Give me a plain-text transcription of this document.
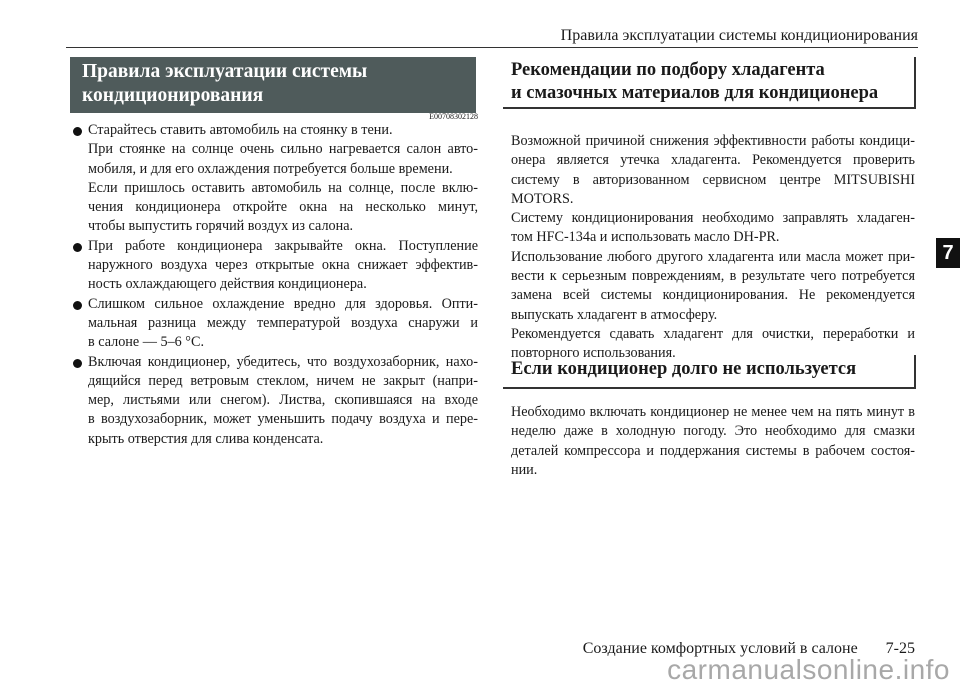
Правила эксплуатации системы кондиционирования
Правила эксплуатации системы
кондиционирования
E00708302128
Старайтесь ставить автомобиль на стоянку в тени.
При стоянке на солнце очень сильно нагревается салон авто-
мобиля, и для его охлаждения потребуется больше времени.
Если пришлось оставить автомобиль на солнце, после вклю-
чения кондиционера откройте окна на несколько минут,
чтобы выпустить горячий воздух из салона.
При работе кондиционера закрывайте окна. Поступление
наружного воздуха через открытые окна снижает эффектив-
ность охлаждающего действия кондиционера.
Слишком сильное охлаждение вредно для здоровья. Опти-
мальная разница между температурой воздуха снаружи и
в салоне — 5–6 °C.
Включая кондиционер, убедитесь, что воздухозаборник, нахо-
дящийся перед ветровым стеклом, ничем не закрыт (напри-
мер, листьями или снегом). Листва, скопившаяся на входе
в воздухозаборник, может уменьшить подачу воздуха и пере-
крыть отверстия для слива конденсата.
Рекомендации по подбору хладагента
и смазочных материалов для кондиционера
Возможной причиной снижения эффективности работы кондици-
онера является утечка хладагента. Рекомендуется проверить
систему в авторизованном сервисном центре MITSUBISHI
MOTORS.
Систему кондиционирования необходимо заправлять хладаген-
том HFC-134a и использовать масло DH-PR.
Использование любого другого хладагента или масла может при-
вести к серьезным повреждениям, в результате чего потребуется
замена всей системы кондиционирования. Не рекомендуется
выпускать хладагент в атмосферу.
Рекомендуется сдавать хладагент для очистки, переработки и
повторного использования.
Если кондиционер долго не используется
Необходимо включать кондиционер не менее чем на пять минут в
неделю даже в холодную погоду. Это необходимо для смазки
деталей компрессора и поддержания системы в рабочем состоя-
нии.
7
Создание комфортных условий в салоне 7-25
carmanualsonline.info
